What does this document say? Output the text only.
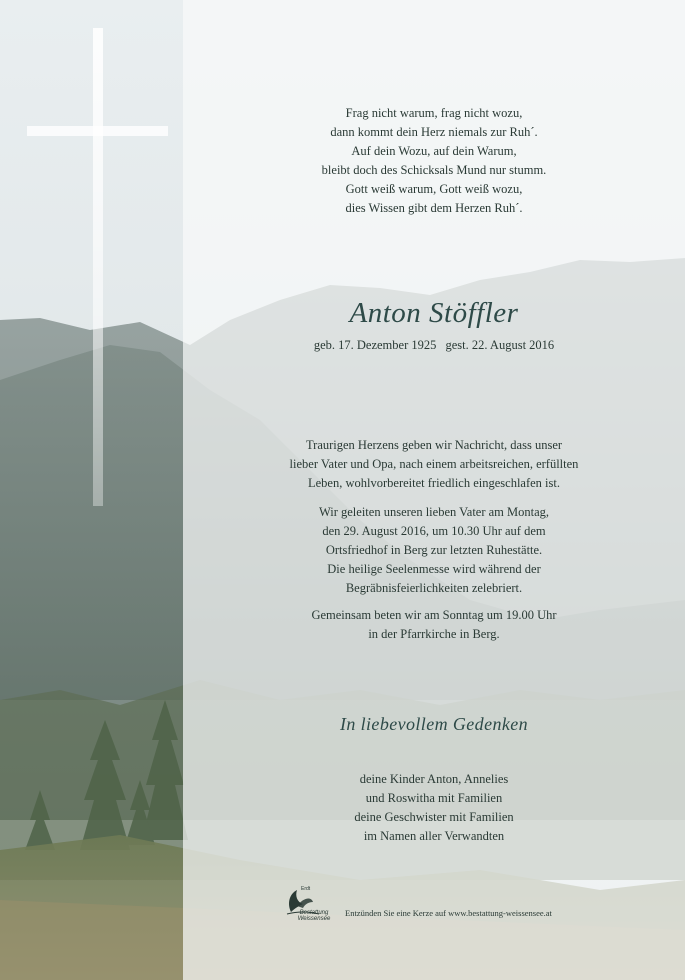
Frag nicht warum, frag nicht wozu,
dann kommt dein Herz niemals zur Ruh´.
Auf dein Wozu, auf dein Warum,
bleibt doch des Schicksals Mund nur stumm.
Gott weiß warum, Gott weiß wozu,
dies Wissen gibt dem Herzen Ruh´.
Anton Stöffler
geb. 17. Dezember 1925 gest. 22. August 2016
Traurigen Herzens geben wir Nachricht, dass unser
lieber Vater und Opa, nach einem arbeitsreichen, erfüllten
Leben, wohlvorbereitet friedlich eingeschlafen ist.
Wir geleiten unseren lieben Vater am Montag,
den 29. August 2016, um 10.30 Uhr auf dem
Ortsfriedhof in Berg zur letzten Ruhestätte.
Die heilige Seelenmesse wird während der
Begräbnisfeierlichkeiten zelebriert.
Gemeinsam beten wir am Sonntag um 19.00 Uhr
in der Pfarrkirche in Berg.
In liebevollem Gedenken
deine Kinder Anton, Annelies
und Roswitha mit Familien
deine Geschwister mit Familien
im Namen aller Verwandten
Erdt
Bestattung Weissensee
Entzünden Sie eine Kerze auf www.bestattung-weissensee.at
